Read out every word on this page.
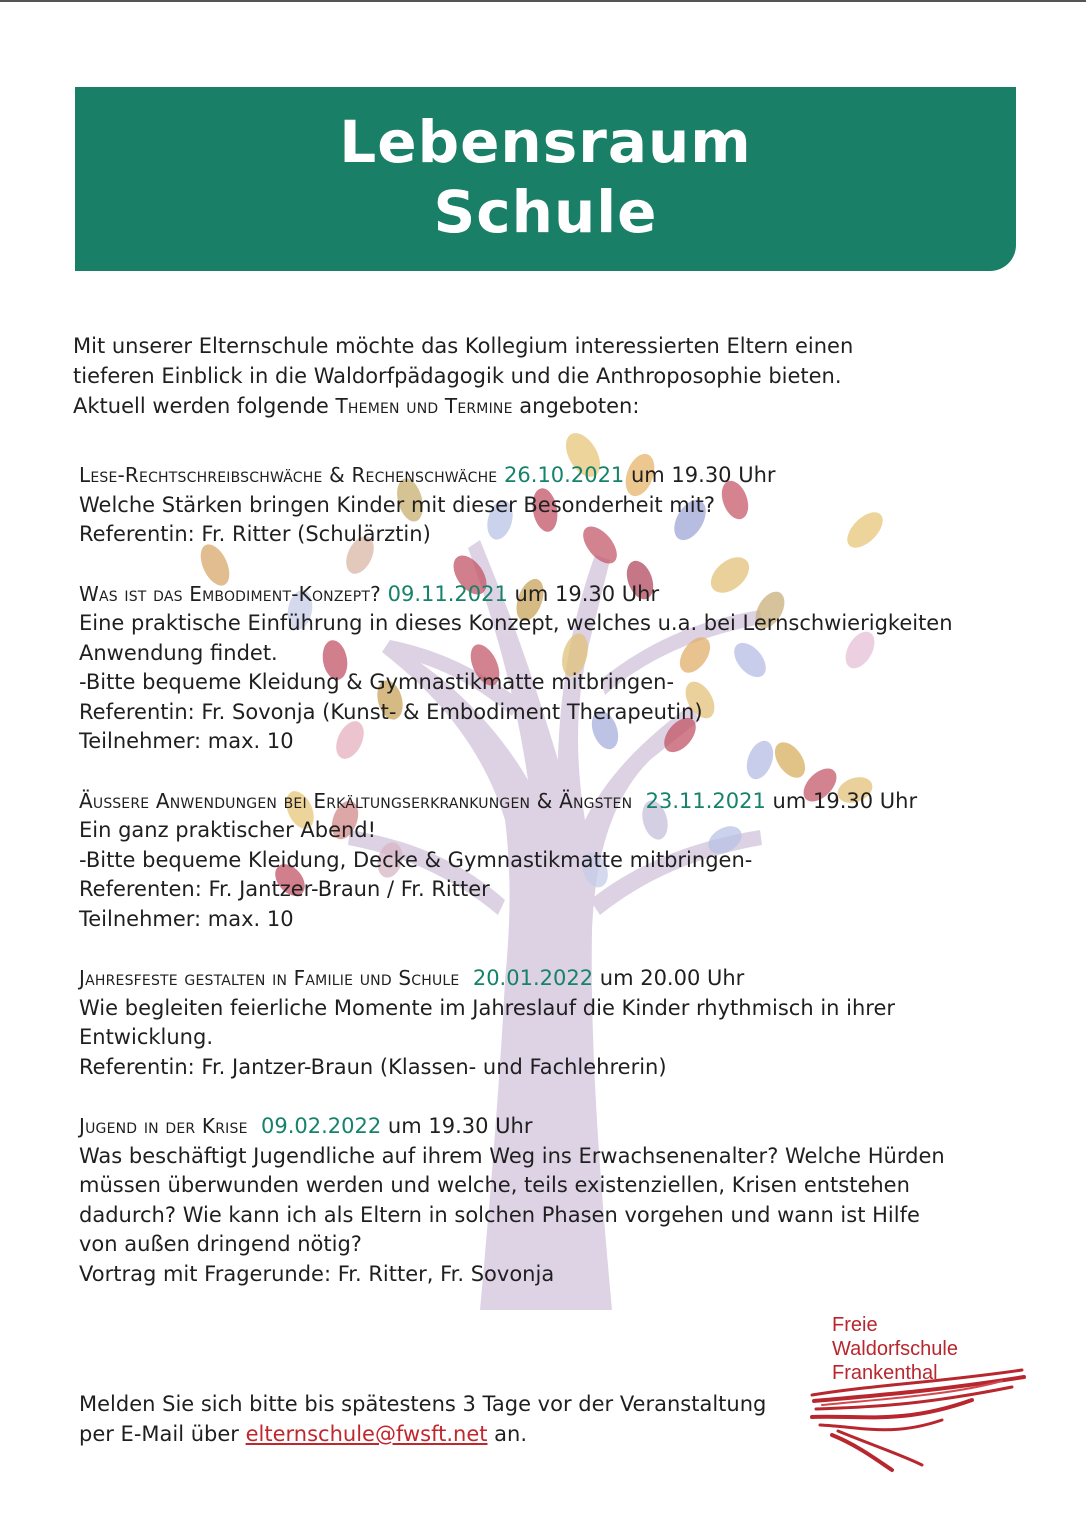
Lebensraum
Schule
Mit unserer Elternschule möchte das Kollegium interessierten Eltern einen
tieferen Einblick in die Waldorfpädagogik und die Anthroposophie bieten.
Aktuell werden folgende Themen und Termine angeboten:
Lese-Rechtschreibschwäche & Rechenschwäche 26.10.2021 um 19.30 Uhr
Welche Stärken bringen Kinder mit dieser Besonderheit mit?
Referentin: Fr. Ritter (Schulärztin)
Was ist das Embodiment-Konzept? 09.11.2021 um 19.30 Uhr
Eine praktische Einführung in dieses Konzept, welches u.a. bei Lernschwierigkeiten
Anwendung findet.
-Bitte bequeme Kleidung & Gymnastikmatte mitbringen-
Referentin: Fr. Sovonja (Kunst- & Embodiment Therapeutin)
Teilnehmer: max. 10
Äußere Anwendungen bei Erkältungserkrankungen & Ängsten 23.11.2021 um 19.30 Uhr
Ein ganz praktischer Abend!
-Bitte bequeme Kleidung, Decke & Gymnastikmatte mitbringen-
Referenten: Fr. Jantzer-Braun / Fr. Ritter
Teilnehmer: max. 10
Jahresfeste gestalten in Familie und Schule 20.01.2022 um 20.00 Uhr
Wie begleiten feierliche Momente im Jahreslauf die Kinder rhythmisch in ihrer
Entwicklung.
Referentin: Fr. Jantzer-Braun (Klassen- und Fachlehrerin)
Jugend in der Krise 09.02.2022 um 19.30 Uhr
Was beschäftigt Jugendliche auf ihrem Weg ins Erwachsenenalter? Welche Hürden
müssen überwunden werden und welche, teils existenziellen, Krisen entstehen
dadurch? Wie kann ich als Eltern in solchen Phasen vorgehen und wann ist Hilfe
von außen dringend nötig?
Vortrag mit Fragerunde: Fr. Ritter, Fr. Sovonja
Freie
Waldorfschule
Frankenthal
Melden Sie sich bitte bis spätestens 3 Tage vor der Veranstaltung
per E-Mail über elternschule@fwsft.net an.
